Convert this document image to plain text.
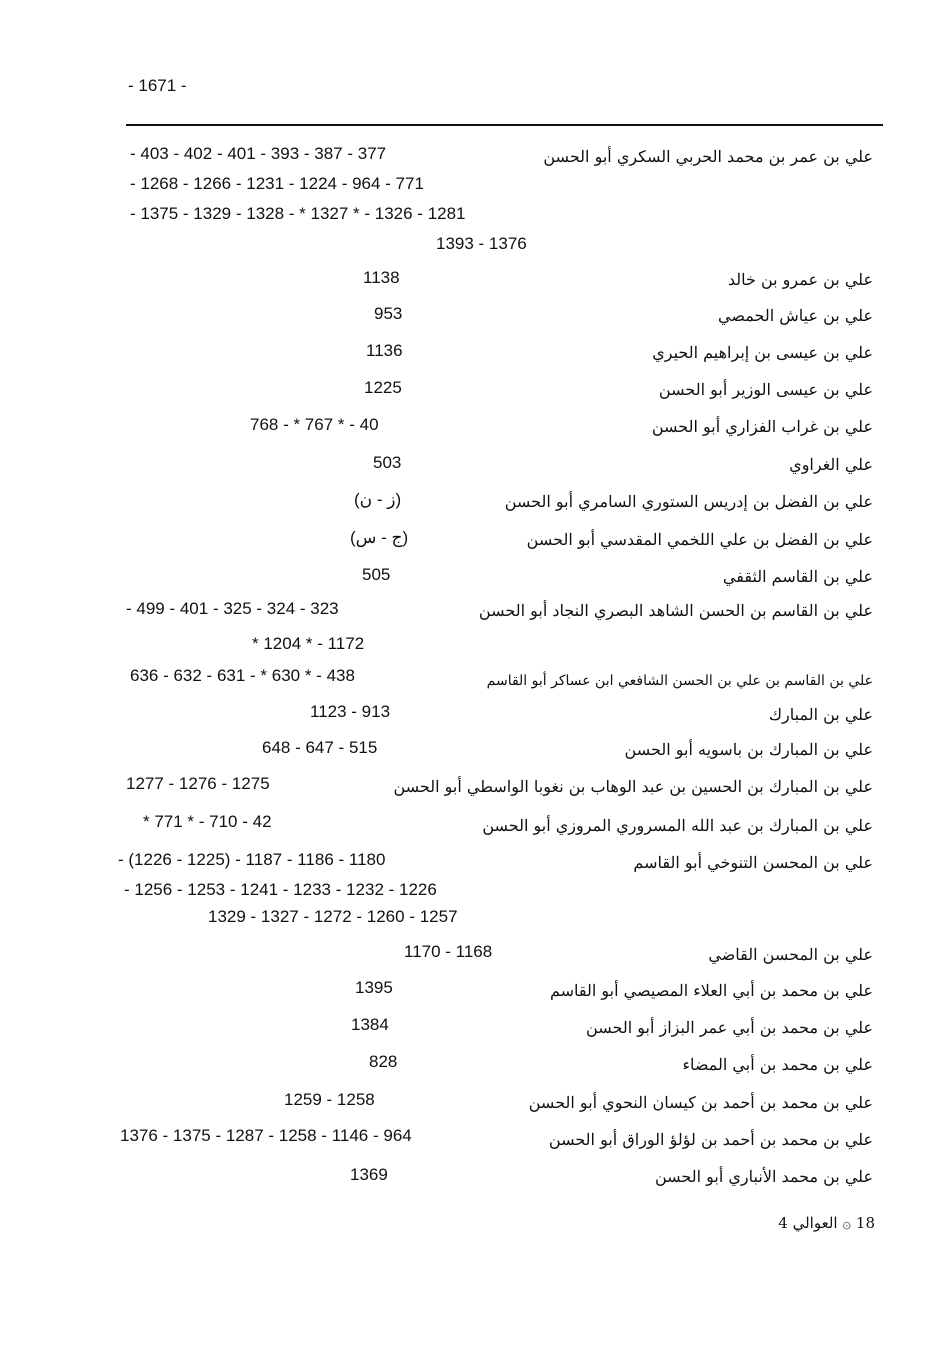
- 1671 -
علي بن عمر بن محمد الحربي السكري أبو الحسن
- 403 - 402 - 401 - 393 - 387 - 377
- 1268 - 1266 - 1231 - 1224 - 964 - 771
- 1375 - 1329 - 1328 - * 1327 * - 1326 - 1281
1393 - 1376
علي بن عمرو بن خالد
1138
علي بن عياش الحمصي
953
علي بن عيسى بن إبراهيم الحيري
1136
علي بن عيسى الوزير أبو الحسن
1225
علي بن غراب الفزاري أبو الحسن
768 - * 767 * - 40
علي الغراوي
503
علي بن الفضل بن إدريس الستوري السامري أبو الحسن
(ز - ن)
علي بن الفضل بن علي اللخمي المقدسي أبو الحسن
(ج - س)
علي بن القاسم الثقفي
505
علي بن القاسم بن الحسن الشاهد البصري النجاد أبو الحسن
- 499 - 401 - 325 - 324 - 323
* 1204 * - 1172
علي بن القاسم بن علي بن الحسن الشافعي ابن عساكر أبو القاسم
636 - 632 - 631 - * 630 * - 438
علي بن المبارك
1123 - 913
علي بن المبارك بن باسويه أبو الحسن
648 - 647 - 515
علي بن المبارك بن الحسين بن عبد الوهاب بن نغوبا الواسطي أبو الحسن
1277 - 1276 - 1275
علي بن المبارك بن عبد الله المسروري المروزي أبو الحسن
* 771 * - 710 - 42
علي بن المحسن التنوخي أبو القاسم
- (1226 - 1225) - 1187 - 1186 - 1180
- 1256 - 1253 - 1241 - 1233 - 1232 - 1226
1329 - 1327 - 1272 - 1260 - 1257
علي بن المحسن القاضي
1170 - 1168
علي بن محمد بن أبي العلاء المصيصي أبو القاسم
1395
علي بن محمد بن أبي عمر البزاز أبو الحسن
1384
علي بن محمد بن أبي المضاء
828
علي بن محمد بن أحمد بن كيسان النحوي أبو الحسن
1259 - 1258
علي بن محمد بن أحمد بن لؤلؤ الوراق أبو الحسن
1376 - 1375 - 1287 - 1258 - 1146 - 964
علي بن محمد الأنباري أبو الحسن
1369
18 ۞ العوالي 4
